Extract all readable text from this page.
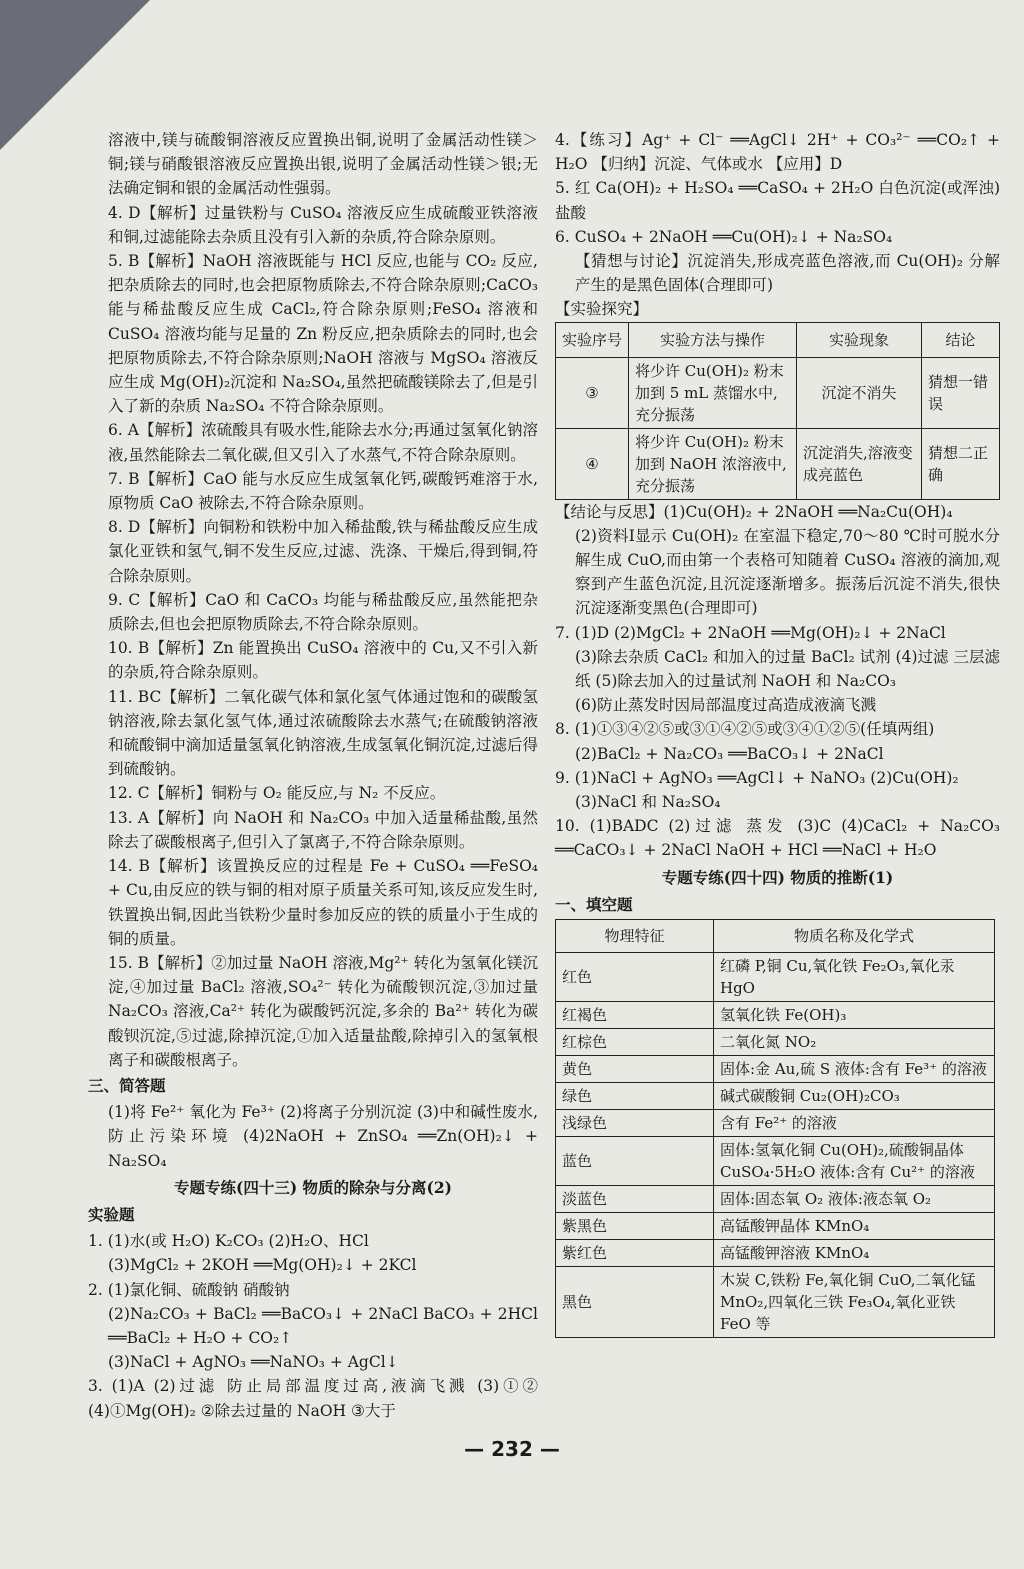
溶液中,镁与硫酸铜溶液反应置换出铜,说明了金属活动性镁＞铜;镁与硝酸银溶液反应置换出银,说明了金属活动性镁＞银;无法确定铜和银的金属活动性强弱。

4. D【解析】过量铁粉与 CuSO₄ 溶液反应生成硫酸亚铁溶液和铜,过滤能除去杂质且没有引入新的杂质,符合除杂原则。

5. B【解析】NaOH 溶液既能与 HCl 反应,也能与 CO₂ 反应,把杂质除去的同时,也会把原物质除去,不符合除杂原则;CaCO₃ 能与稀盐酸反应生成 CaCl₂,符合除杂原则;FeSO₄ 溶液和 CuSO₄ 溶液均能与足量的 Zn 粉反应,把杂质除去的同时,也会把原物质除去,不符合除杂原则;NaOH 溶液与 MgSO₄ 溶液反应生成 Mg(OH)₂沉淀和 Na₂SO₄,虽然把硫酸镁除去了,但是引入了新的杂质 Na₂SO₄ 不符合除杂原则。

6. A【解析】浓硫酸具有吸水性,能除去水分;再通过氢氧化钠溶液,虽然能除去二氧化碳,但又引入了水蒸气,不符合除杂原则。

7. B【解析】CaO 能与水反应生成氢氧化钙,碳酸钙难溶于水,原物质 CaO 被除去,不符合除杂原则。

8. D【解析】向铜粉和铁粉中加入稀盐酸,铁与稀盐酸反应生成氯化亚铁和氢气,铜不发生反应,过滤、洗涤、干燥后,得到铜,符合除杂原则。

9. C【解析】CaO 和 CaCO₃ 均能与稀盐酸反应,虽然能把杂质除去,但也会把原物质除去,不符合除杂原则。

10. B【解析】Zn 能置换出 CuSO₄ 溶液中的 Cu,又不引入新的杂质,符合除杂原则。

11. BC【解析】二氧化碳气体和氯化氢气体通过饱和的碳酸氢钠溶液,除去氯化氢气体,通过浓硫酸除去水蒸气;在硫酸钠溶液和硫酸铜中滴加适量氢氧化钠溶液,生成氢氧化铜沉淀,过滤后得到硫酸钠。

12. C【解析】铜粉与 O₂ 能反应,与 N₂ 不反应。

13. A【解析】向 NaOH 和 Na₂CO₃ 中加入适量稀盐酸,虽然除去了碳酸根离子,但引入了氯离子,不符合除杂原则。

14. B【解析】该置换反应的过程是 Fe + CuSO₄ ══FeSO₄ + Cu,由反应的铁与铜的相对原子质量关系可知,该反应发生时,铁置换出铜,因此当铁粉少量时参加反应的铁的质量小于生成的铜的质量。

15. B【解析】②加过量 NaOH 溶液,Mg²⁺ 转化为氢氧化镁沉淀,④加过量 BaCl₂ 溶液,SO₄²⁻ 转化为硫酸钡沉淀,③加过量 Na₂CO₃ 溶液,Ca²⁺ 转化为碳酸钙沉淀,多余的 Ba²⁺ 转化为碳酸钡沉淀,⑤过滤,除掉沉淀,①加入适量盐酸,除掉引入的氢氧根离子和碳酸根离子。

三、简答题

(1)将 Fe²⁺ 氧化为 Fe³⁺ (2)将离子分别沉淀 (3)中和碱性废水,防止污染环境 (4)2NaOH + ZnSO₄ ══Zn(OH)₂↓ + Na₂SO₄

专题专练(四十三) 物质的除杂与分离(2)

实验题

1. (1)水(或 H₂O) K₂CO₃ (2)H₂O、HCl

(3)MgCl₂ + 2KOH ══Mg(OH)₂↓ + 2KCl

2. (1)氯化铜、硫酸钠 硝酸钠

(2)Na₂CO₃ + BaCl₂ ══BaCO₃↓ + 2NaCl BaCO₃ + 2HCl ══BaCl₂ + H₂O + CO₂↑

(3)NaCl + AgNO₃ ══NaNO₃ + AgCl↓

3. (1)A (2)过滤 防止局部温度过高,液滴飞溅 (3)①② (4)①Mg(OH)₂ ②除去过量的 NaOH ③大于

4.【练习】Ag⁺ + Cl⁻ ══AgCl↓ 2H⁺ + CO₃²⁻ ══CO₂↑ + H₂O 【归纳】沉淀、气体或水 【应用】D

5. 红 Ca(OH)₂ + H₂SO₄ ══CaSO₄ + 2H₂O 白色沉淀(或浑浊) 盐酸

6. CuSO₄ + 2NaOH ══Cu(OH)₂↓ + Na₂SO₄

【猜想与讨论】沉淀消失,形成亮蓝色溶液,而 Cu(OH)₂ 分解产生的是黑色固体(合理即可)

【实验探究】

实验序号	实验方法与操作	实验现象	结论
③	将少许 Cu(OH)₂ 粉末加到 5 mL 蒸馏水中,充分振荡	沉淀不消失	猜想一错误
④	将少许 Cu(OH)₂ 粉末加到 NaOH 浓溶液中,充分振荡	沉淀消失,溶液变成亮蓝色	猜想二正确

【结论与反思】(1)Cu(OH)₂ + 2NaOH ══Na₂Cu(OH)₄

(2)资料Ⅰ显示 Cu(OH)₂ 在室温下稳定,70～80 ℃时可脱水分解生成 CuO,而由第一个表格可知随着 CuSO₄ 溶液的滴加,观察到产生蓝色沉淀,且沉淀逐渐增多。振荡后沉淀不消失,很快沉淀逐渐变黑色(合理即可)

7. (1)D (2)MgCl₂ + 2NaOH ══Mg(OH)₂↓ + 2NaCl

(3)除去杂质 CaCl₂ 和加入的过量 BaCl₂ 试剂 (4)过滤 三层滤纸 (5)除去加入的过量试剂 NaOH 和 Na₂CO₃

(6)防止蒸发时因局部温度过高造成液滴飞溅

8. (1)①③④②⑤或③①④②⑤或③④①②⑤(任填两组)

(2)BaCl₂ + Na₂CO₃ ══BaCO₃↓ + 2NaCl

9. (1)NaCl + AgNO₃ ══AgCl↓ + NaNO₃ (2)Cu(OH)₂

(3)NaCl 和 Na₂SO₄

10. (1)BADC (2)过滤 蒸发 (3)C (4)CaCl₂ + Na₂CO₃ ══CaCO₃↓ + 2NaCl NaOH + HCl ══NaCl + H₂O

专题专练(四十四) 物质的推断(1)

一、填空题

物理特征	物质名称及化学式
红色	红磷 P,铜 Cu,氧化铁 Fe₂O₃,氧化汞 HgO
红褐色	氢氧化铁 Fe(OH)₃
红棕色	二氧化氮 NO₂
黄色	固体:金 Au,硫 S 液体:含有 Fe³⁺ 的溶液
绿色	碱式碳酸铜 Cu₂(OH)₂CO₃
浅绿色	含有 Fe²⁺ 的溶液
蓝色	固体:氢氧化铜 Cu(OH)₂,硫酸铜晶体 CuSO₄·5H₂O 液体:含有 Cu²⁺ 的溶液
淡蓝色	固体:固态氧 O₂ 液体:液态氧 O₂
紫黑色	高锰酸钾晶体 KMnO₄
紫红色	高锰酸钾溶液 KMnO₄
黑色	木炭 C,铁粉 Fe,氧化铜 CuO,二氧化锰 MnO₂,四氧化三铁 Fe₃O₄,氧化亚铁 FeO 等
— 232 —
